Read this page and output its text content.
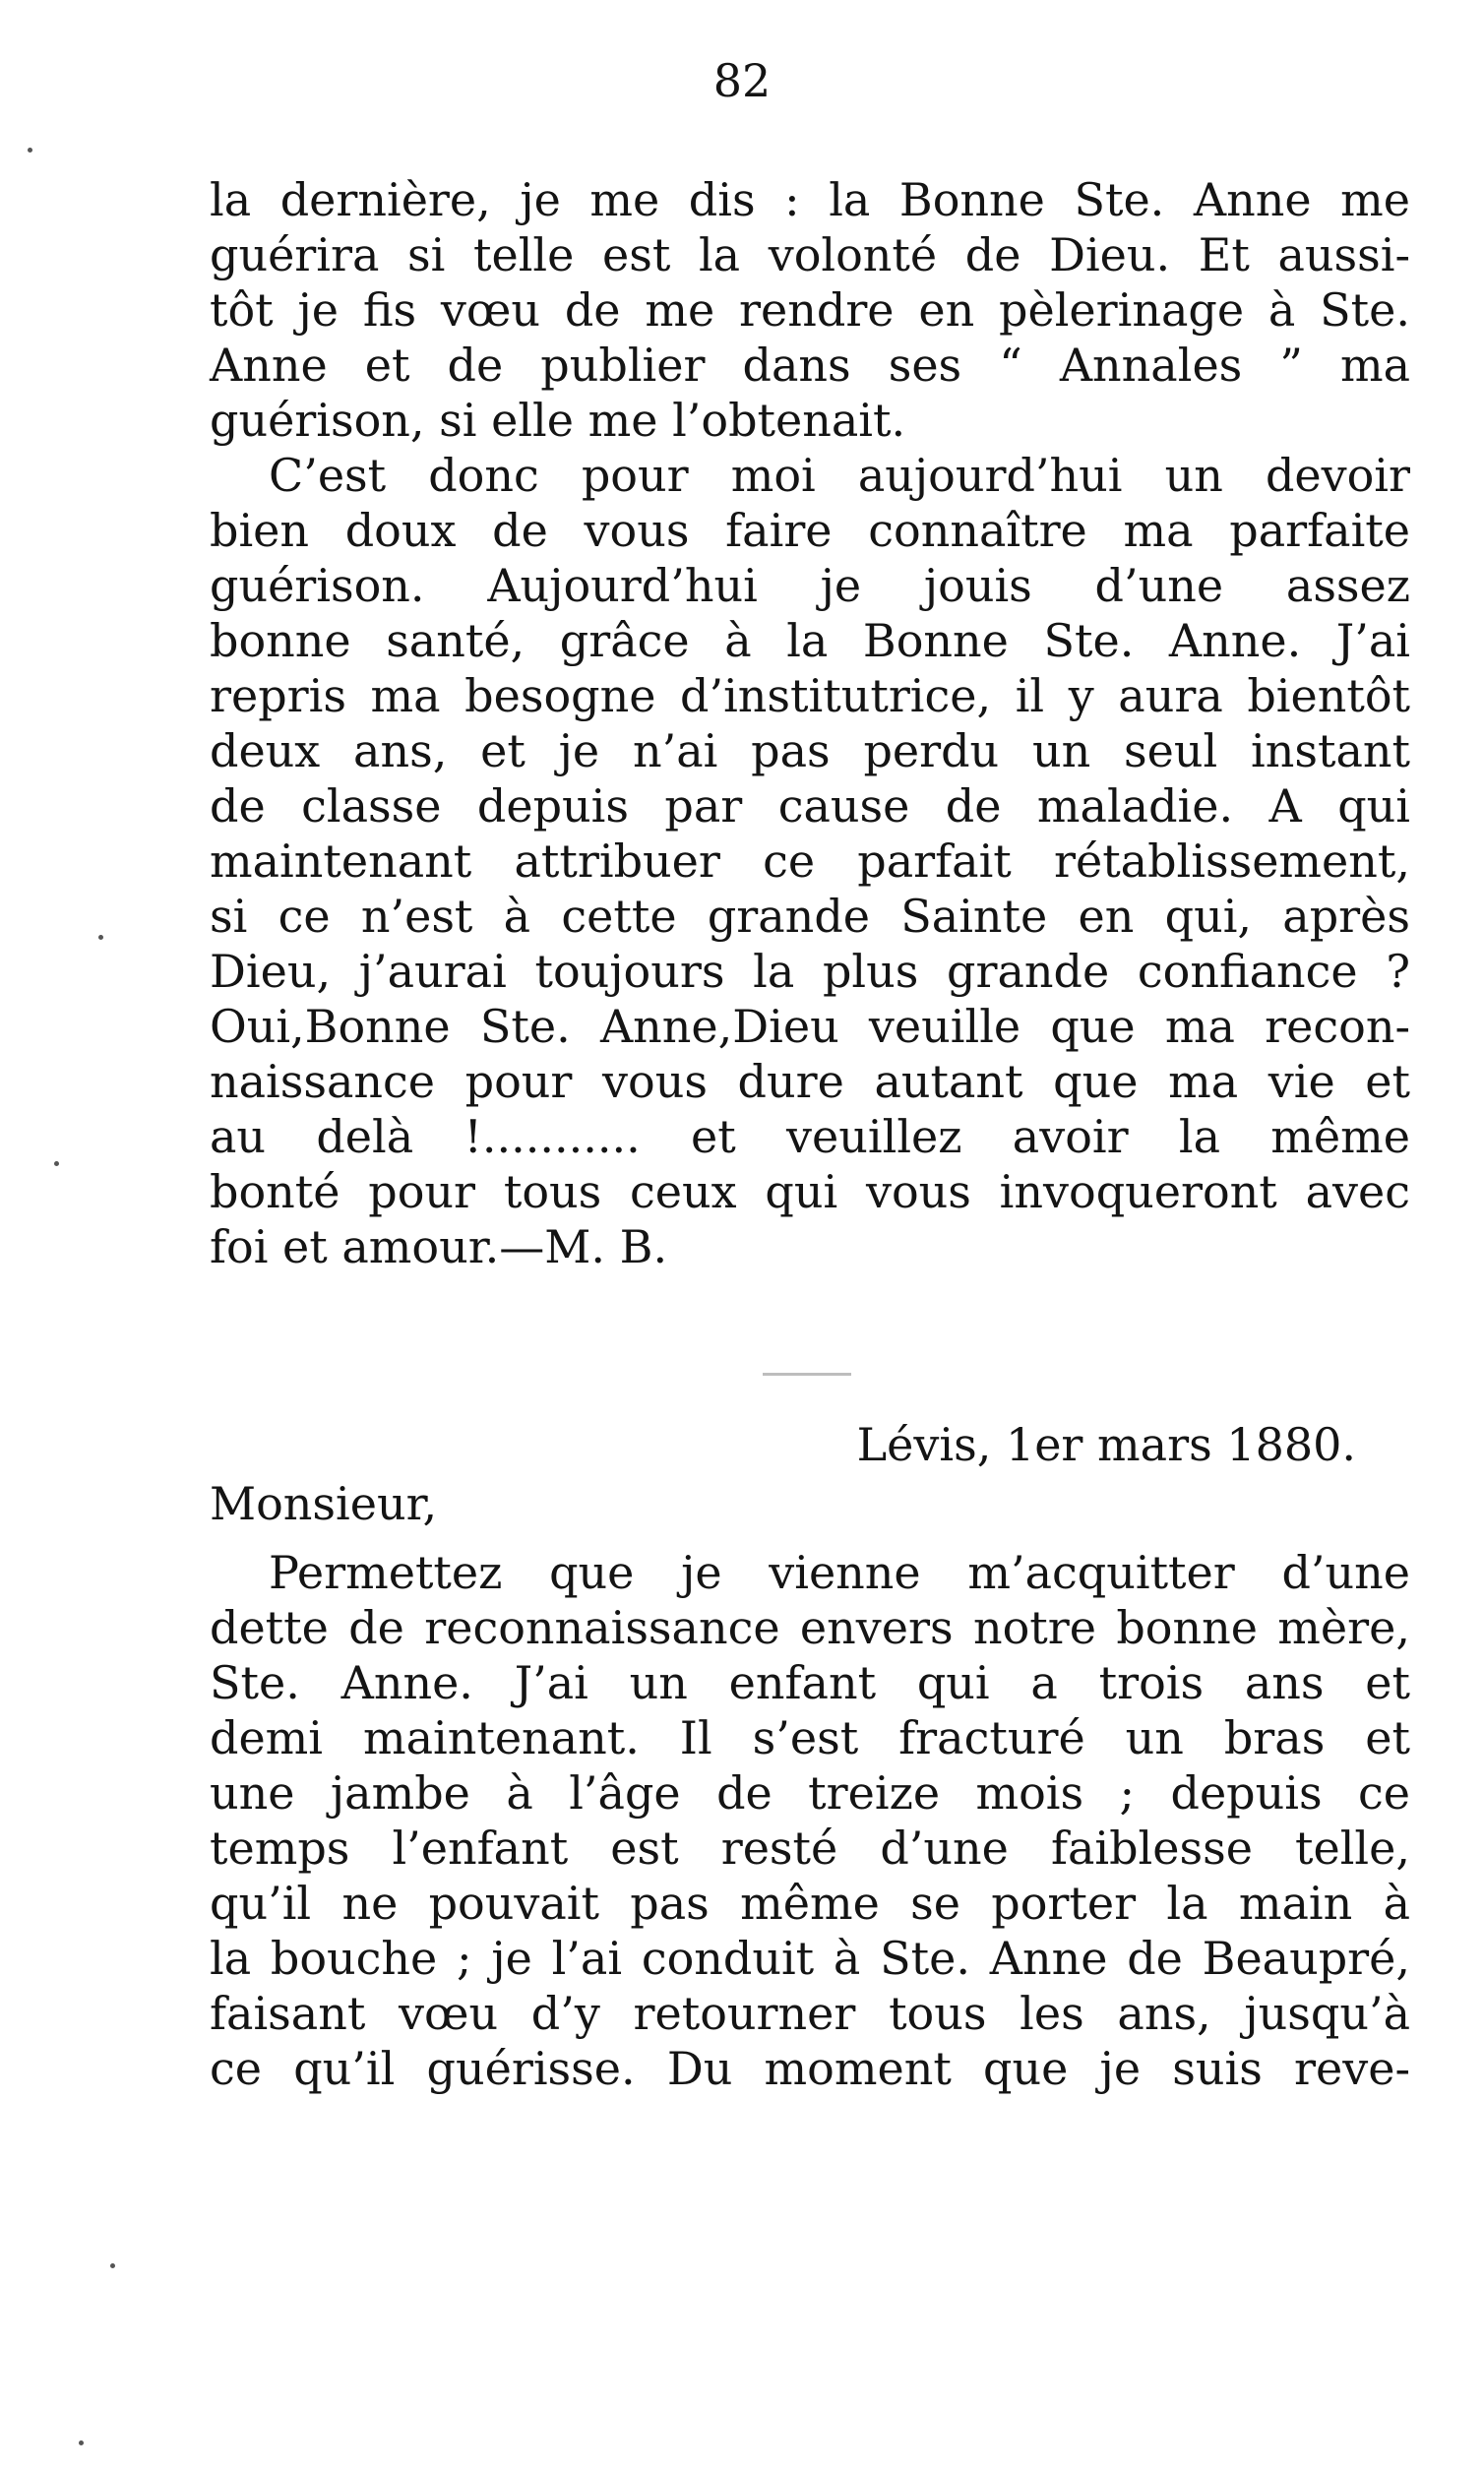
82
la dernière, je me dis : la Bonne Ste. Anne me
guérira si telle est la volonté de Dieu. Et aussi-
tôt je fis vœu de me rendre en pèlerinage à Ste.
Anne et de publier dans ses “ Annales ” ma
guérison, si elle me l’obtenait.
C’est donc pour moi aujourd’hui un devoir
bien doux de vous faire connaître ma parfaite
guérison. Aujourd’hui je jouis d’une assez
bonne santé, grâce à la Bonne Ste. Anne. J’ai
repris ma besogne d’institutrice, il y aura bientôt
deux ans, et je n’ai pas perdu un seul instant
de classe depuis par cause de maladie. A qui
maintenant attribuer ce parfait rétablissement,
si ce n’est à cette grande Sainte en qui, après
Dieu, j’aurai toujours la plus grande confiance ?
Oui,Bonne Ste. Anne,Dieu veuille que ma recon-
naissance pour vous dure autant que ma vie et
au delà !........... et veuillez avoir la même
bonté pour tous ceux qui vous invoqueront avec
foi et amour.—M. B.
Lévis, 1er mars 1880.
Monsieur,
Permettez que je vienne m’acquitter d’une
dette de reconnaissance envers notre bonne mère,
Ste. Anne. J’ai un enfant qui a trois ans et
demi maintenant. Il s’est fracturé un bras et
une jambe à l’âge de treize mois ; depuis ce
temps l’enfant est resté d’une faiblesse telle,
qu’il ne pouvait pas même se porter la main à
la bouche ; je l’ai conduit à Ste. Anne de Beaupré,
faisant vœu d’y retourner tous les ans, jusqu’à
ce qu’il guérisse. Du moment que je suis reve-
